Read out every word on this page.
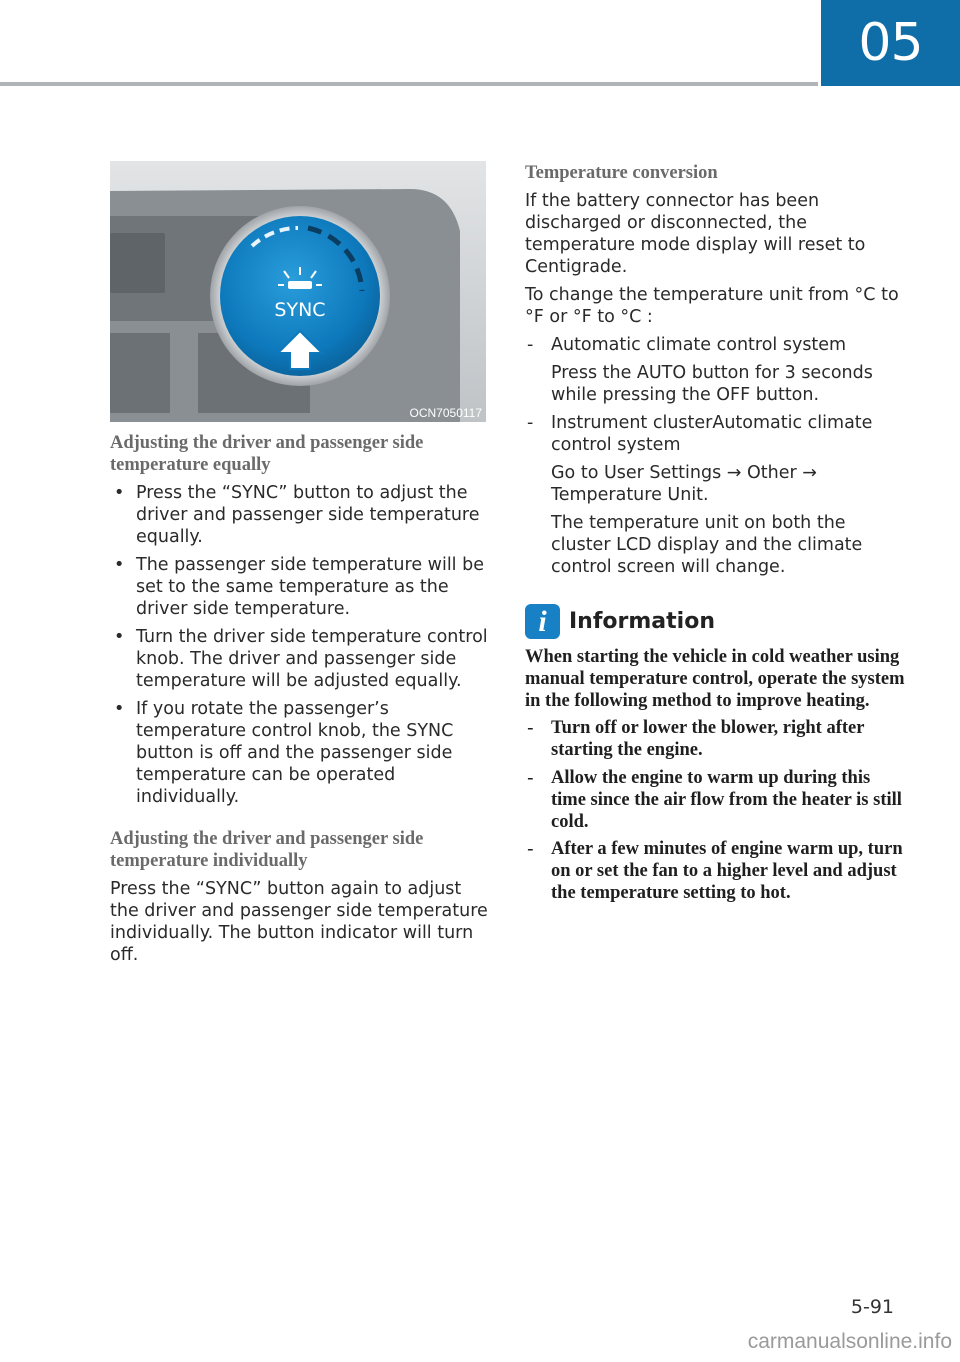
05
SYNC
OCN7050117

Adjusting the driver and passenger side temperature equally

• Press the “SYNC” button to adjust the driver and passenger side temperature equally.
• The passenger side temperature will be set to the same temperature as the driver side temperature.
• Turn the driver side temperature control knob. The driver and passenger side temperature will be adjusted equally.
• If you rotate the passenger’s temperature control knob, the SYNC button is off and the passenger side temperature can be operated individually.

Adjusting the driver and passenger side temperature individually

Press the “SYNC” button again to adjust the driver and passenger side temperature individually. The button indicator will turn off.

Temperature conversion

If the battery connector has been discharged or disconnected, the temperature mode display will reset to Centigrade.

To change the temperature unit from °C to °F or °F to °C :

- Automatic climate control system

Press the AUTO button for 3 seconds while pressing the OFF button.

- Instrument clusterAutomatic climate control system

Go to User Settings → Other → Temperature Unit.

The temperature unit on both the cluster LCD display and the climate control screen will change.

i	Information

When starting the vehicle in cold weather using manual temperature control, operate the system in the following method to improve heating.

- Turn off or lower the blower, right after starting the engine.
- Allow the engine to warm up during this time since the air flow from the heater is still cold.
- After a few minutes of engine warm up, turn on or set the fan to a higher level and adjust the temperature setting to hot.
5-91
carmanualsonline.info
